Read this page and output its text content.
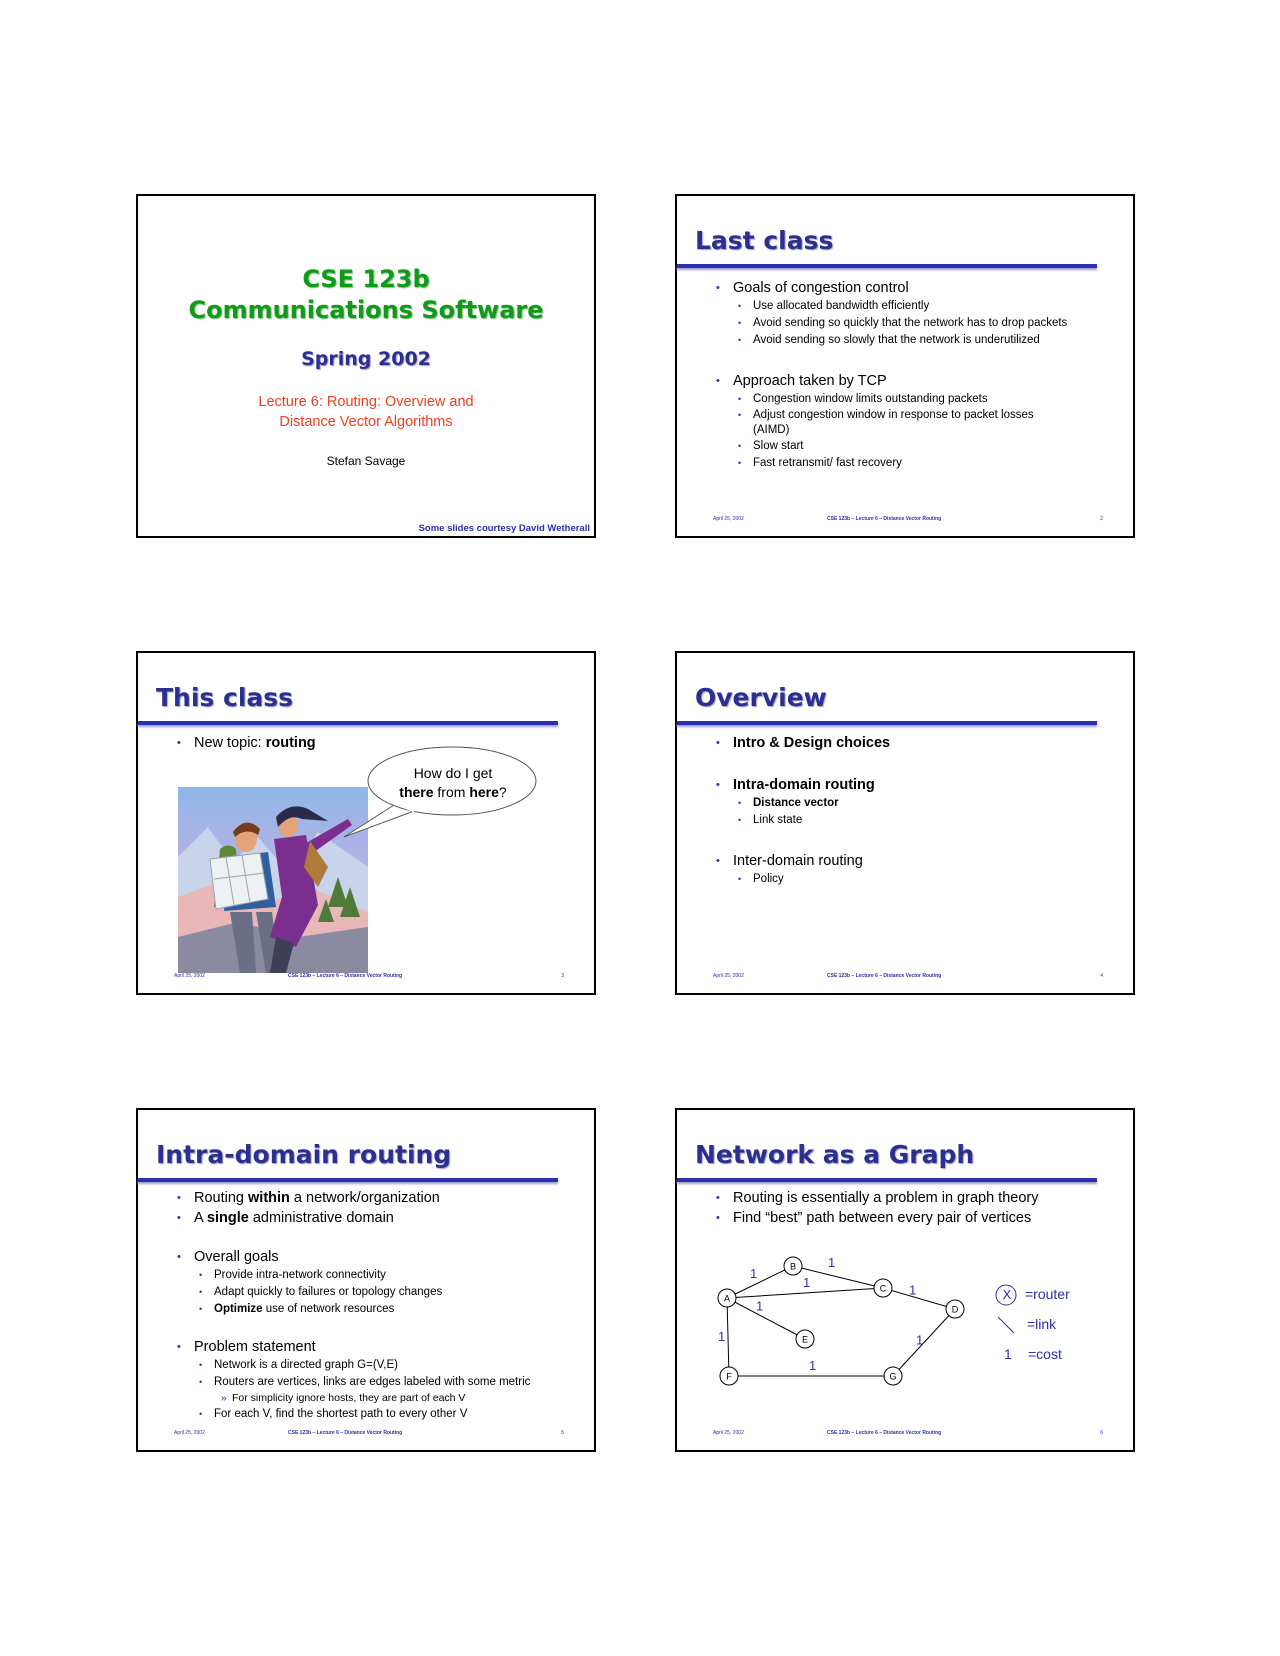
CSE 123b
Communications Software
Spring 2002
Lecture 6: Routing: Overview and
Distance Vector Algorithms
Stefan Savage
Some slides courtesy David Wetherall
Last class
• Goals of congestion control
• Use allocated bandwidth efficiently
• Avoid sending so quickly that the network has to drop packets
• Avoid sending so slowly that the network is underutilized
• Approach taken by TCP
• Congestion window limits outstanding packets
• Adjust congestion window in response to packet losses
(AIMD)
• Slow start
• Fast retransmit/ fast recovery
April 25, 2002	CSE 123b – Lecture 6 – Distance Vector Routing	2
This class
• New topic: routing
How do I get
there from here?
April 25, 2002	CSE 123b – Lecture 6 – Distance Vector Routing	3
Overview
• Intro & Design choices
• Intra-domain routing
• Distance vector
• Link state
• Inter-domain routing
• Policy
April 25, 2002	CSE 123b – Lecture 6 – Distance Vector Routing	4
Intra-domain routing
• Routing within a network/organization
• A single administrative domain
• Overall goals
• Provide intra-network connectivity
• Adapt quickly to failures or topology changes
• Optimize use of network resources
• Problem statement
• Network is a directed graph G=(V,E)
• Routers are vertices, links are edges labeled with some metric
» For simplicity ignore hosts, they are part of each V
• For each V, find the shortest path to every other V
April 25, 2002	CSE 123b – Lecture 6 – Distance Vector Routing	5
Network as a Graph
• Routing is essentially a problem in graph theory
• Find “best” path between every pair of vertices
1
1
1	1
1
1
1
1
A
B
C
D
E
F	G
X =router
=link
1 =cost
April 25, 2002	CSE 123b – Lecture 6 – Distance Vector Routing	6
